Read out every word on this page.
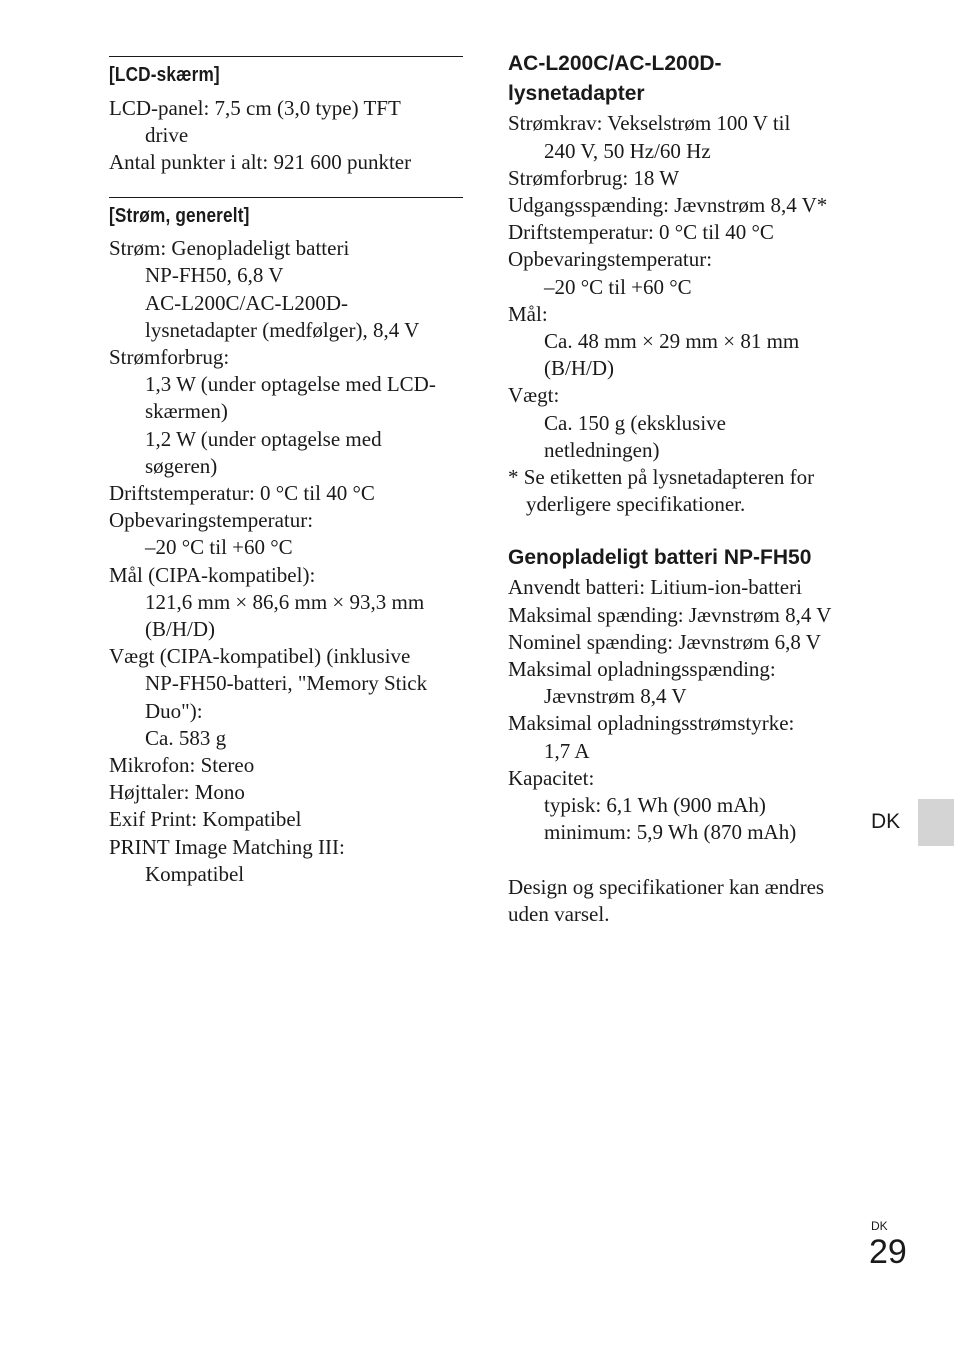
[LCD-skærm]
LCD-panel: 7,5 cm (3,0 type) TFT
drive
Antal punkter i alt: 921 600 punkter
[Strøm, generelt]
Strøm: Genopladeligt batteri
NP-FH50, 6,8 V
AC-L200C/AC-L200D-
lysnetadapter (medfølger), 8,4 V
Strømforbrug:
1,3 W (under optagelse med LCD-
skærmen)
1,2 W (under optagelse med
søgeren)
Driftstemperatur: 0 °C til 40 °C
Opbevaringstemperatur:
–20 °C til +60 °C
Mål (CIPA-kompatibel):
121,6 mm × 86,6 mm × 93,3 mm
(B/H/D)
Vægt (CIPA-kompatibel) (inklusive
NP-FH50-batteri, "Memory Stick
Duo"):
Ca. 583 g
Mikrofon: Stereo
Højttaler: Mono
Exif Print: Kompatibel
PRINT Image Matching III:
Kompatibel
AC-L200C/AC-L200D-
lysnetadapter
Strømkrav: Vekselstrøm 100 V til
240 V, 50 Hz/60 Hz
Strømforbrug: 18 W
Udgangsspænding: Jævnstrøm 8,4 V*
Driftstemperatur: 0 °C til 40 °C
Opbevaringstemperatur:
–20 °C til +60 °C
Mål:
Ca. 48 mm × 29 mm × 81 mm
(B/H/D)
Vægt:
Ca. 150 g (eksklusive
netledningen)
* Se etiketten på lysnetadapteren for
yderligere specifikationer.
Genopladeligt batteri NP-FH50
Anvendt batteri: Litium-ion-batteri
Maksimal spænding: Jævnstrøm 8,4 V
Nominel spænding: Jævnstrøm 6,8 V
Maksimal opladningsspænding:
Jævnstrøm 8,4 V
Maksimal opladningsstrømstyrke:
1,7 A
Kapacitet:
typisk: 6,1 Wh (900 mAh)
minimum: 5,9 Wh (870 mAh)
Design og specifikationer kan ændres
uden varsel.
DK
DK
29
